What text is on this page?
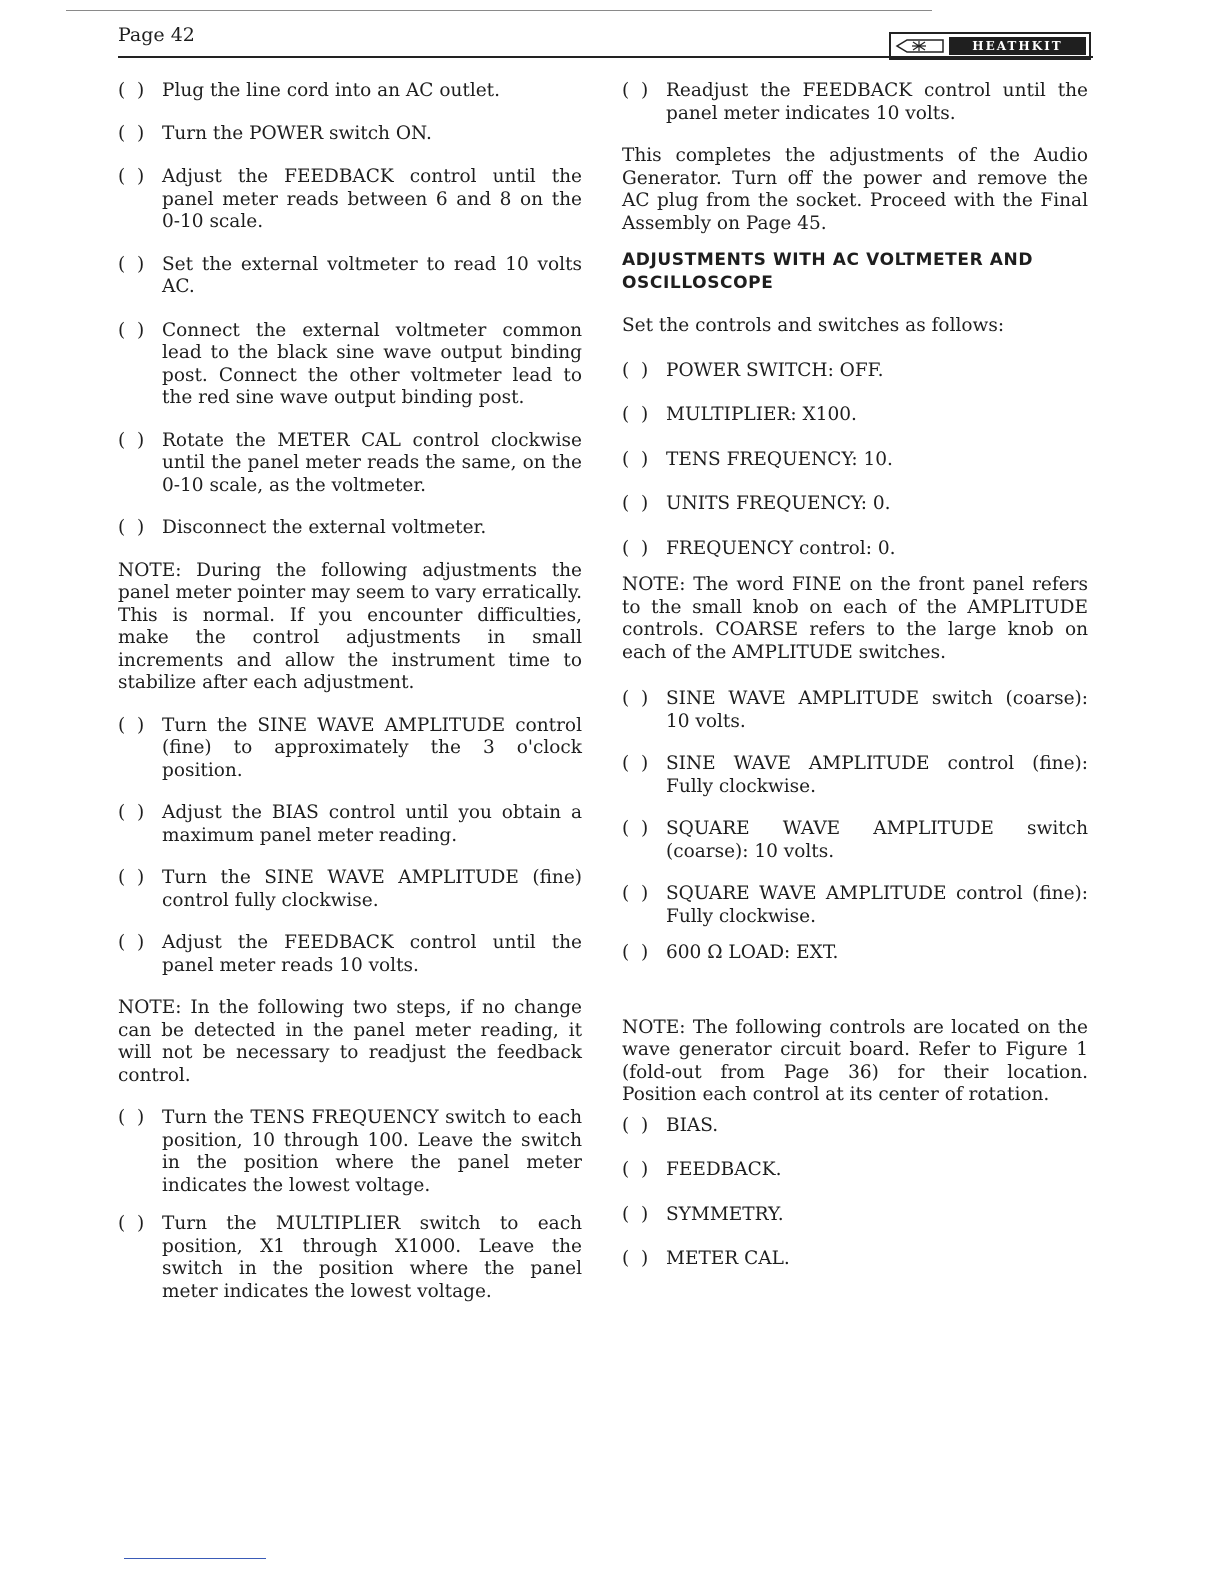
Page 42	HEATHKIT
(  ) Plug the line cord into an AC outlet.
(  ) Turn the POWER switch ON.
(  ) Adjust the FEEDBACK control until the panel meter reads between 6 and 8 on the 0-10 scale.
(  ) Set the external voltmeter to read 10 volts AC.
(  ) Connect the external voltmeter common lead to the black sine wave output binding post. Connect the other voltmeter lead to the red sine wave output binding post.
(  ) Rotate the METER CAL control clockwise until the panel meter reads the same, on the 0-10 scale, as the voltmeter.
(  ) Disconnect the external voltmeter.
NOTE: During the following adjustments the panel meter pointer may seem to vary erratically. This is normal. If you encounter difficulties, make the control adjustments in small increments and allow the instrument time to stabilize after each adjustment.
(  ) Turn the SINE WAVE AMPLITUDE control (fine) to approximately the 3 o'clock position.
(  ) Adjust the BIAS control until you obtain a maximum panel meter reading.
(  ) Turn the SINE WAVE AMPLITUDE (fine) control fully clockwise.
(  ) Adjust the FEEDBACK control until the panel meter reads 10 volts.
NOTE: In the following two steps, if no change can be detected in the panel meter reading, it will not be necessary to readjust the feedback control.
(  ) Turn the TENS FREQUENCY switch to each position, 10 through 100. Leave the switch in the position where the panel meter indicates the lowest voltage.
(  ) Turn the MULTIPLIER switch to each position, X1 through X1000. Leave the switch in the position where the panel meter indicates the lowest voltage.
(  ) Readjust the FEEDBACK control until the panel meter indicates 10 volts.
This completes the adjustments of the Audio Generator. Turn off the power and remove the AC plug from the socket. Proceed with the Final Assembly on Page 45.
ADJUSTMENTS WITH AC VOLTMETER AND OSCILLOSCOPE
Set the controls and switches as follows:
(  ) POWER SWITCH: OFF.
(  ) MULTIPLIER: X100.
(  ) TENS FREQUENCY: 10.
(  ) UNITS FREQUENCY: 0.
(  ) FREQUENCY control: 0.
NOTE: The word FINE on the front panel refers to the small knob on each of the AMPLITUDE controls. COARSE refers to the large knob on each of the AMPLITUDE switches.
(  ) SINE WAVE AMPLITUDE switch (coarse): 10 volts.
(  ) SINE WAVE AMPLITUDE control (fine): Fully clockwise.
(  ) SQUARE WAVE AMPLITUDE switch (coarse): 10 volts.
(  ) SQUARE WAVE AMPLITUDE control (fine): Fully clockwise.
(  ) 600 Ω LOAD: EXT.
NOTE: The following controls are located on the wave generator circuit board. Refer to Figure 1 (fold-out from Page 36) for their location. Position each control at its center of rotation.
(  ) BIAS.
(  ) FEEDBACK.
(  ) SYMMETRY.
(  ) METER CAL.
